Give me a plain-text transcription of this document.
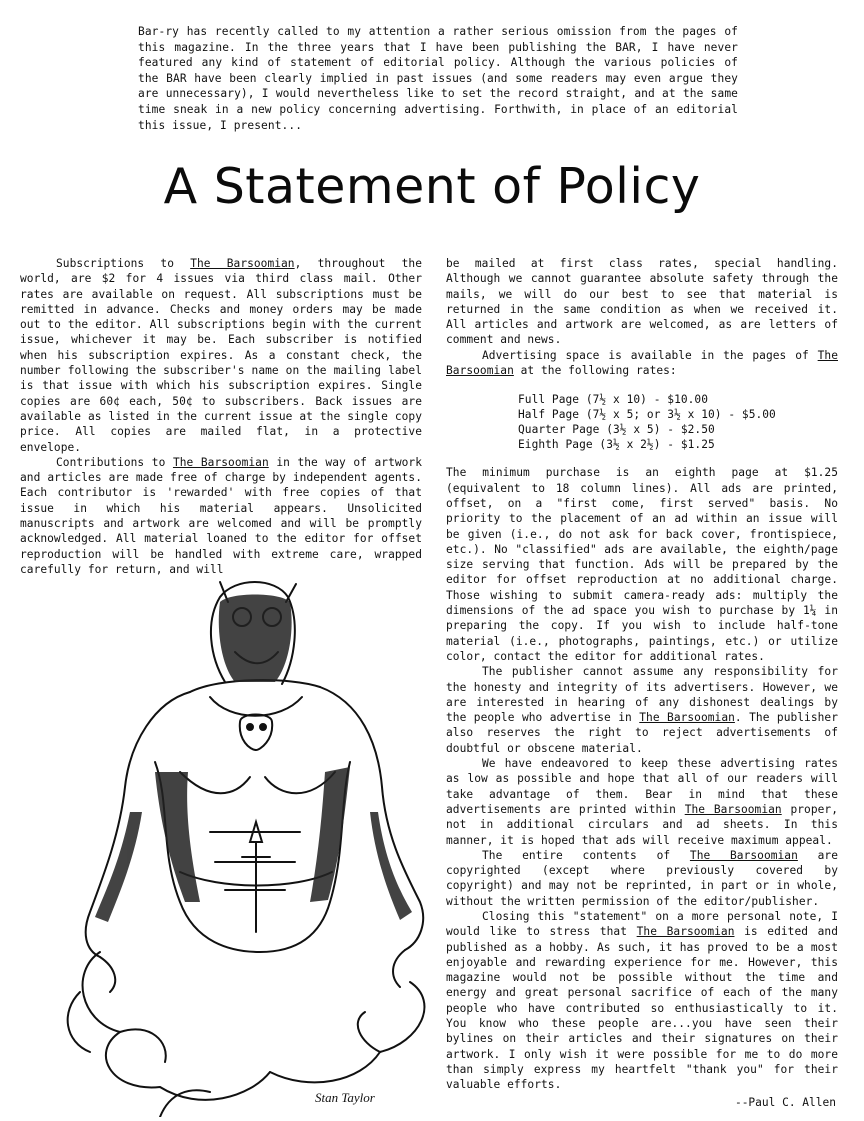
Bar-ry has recently called to my attention a rather serious omission from the pages of this magazine. In the three years that I have been publishing the BAR, I have never featured any kind of statement of editorial policy. Although the various policies of the BAR have been clearly implied in past issues (and some readers may even argue they are unnecessary), I would nevertheless like to set the record straight, and at the same time sneak in a new policy concerning advertising. Forthwith, in place of an editorial this issue, I present...

A Statement of Policy

Subscriptions to The Barsoomian, throughout the world, are $2 for 4 issues via third class mail. Other rates are available on request. All subscriptions must be remitted in advance. Checks and money orders may be made out to the editor. All subscriptions begin with the current issue, whichever it may be. Each subscriber is notified when his subscription expires. As a constant check, the number following the subscriber's name on the mailing label is that issue with which his subscription expires. Single copies are 60¢ each, 50¢ to subscribers. Back issues are available as listed in the current issue at the single copy price. All copies are mailed flat, in a protective envelope.

Contributions to The Barsoomian in the way of artwork and articles are made free of charge by independent agents. Each contributor is 'rewarded' with free copies of that issue in which his material appears. Unsolicited manuscripts and artwork are welcomed and will be promptly acknowledged. All material loaned to the editor for offset reproduction will be handled with extreme care, wrapped carefully for return, and will

Stan Taylor

be mailed at first class rates, special handling. Although we cannot guarantee absolute safety through the mails, we will do our best to see that material is returned in the same condition as when we received it. All articles and artwork are welcomed, as are letters of comment and news.

Advertising space is available in the pages of The Barsoomian at the following rates:

Full Page (7½ x 10) - $10.00
Half Page (7½ x 5; or 3½ x 10) - $5.00
Quarter Page (3½ x 5) - $2.50
Eighth Page (3½ x 2½) - $1.25

The minimum purchase is an eighth page at $1.25 (equivalent to 18 column lines). All ads are printed, offset, on a "first come, first served" basis. No priority to the placement of an ad within an issue will be given (i.e., do not ask for back cover, frontispiece, etc.). No "classified" ads are available, the eighth/page size serving that function. Ads will be prepared by the editor for offset reproduction at no additional charge. Those wishing to submit camera-ready ads: multiply the dimensions of the ad space you wish to purchase by 1¼ in preparing the copy. If you wish to include half-tone material (i.e., photographs, paintings, etc.) or utilize color, contact the editor for additional rates.

The publisher cannot assume any responsibility for the honesty and integrity of its advertisers. However, we are interested in hearing of any dishonest dealings by the people who advertise in The Barsoomian. The publisher also reserves the right to reject advertisements of doubtful or obscene material.

We have endeavored to keep these advertising rates as low as possible and hope that all of our readers will take advantage of them. Bear in mind that these advertisements are printed within The Barsoomian proper, not in additional circulars and ad sheets. In this manner, it is hoped that ads will receive maximum appeal.

The entire contents of The Barsoomian are copyrighted (except where previously covered by copyright) and may not be reprinted, in part or in whole, without the written permission of the editor/publisher.

Closing this "statement" on a more personal note, I would like to stress that The Barsoomian is edited and published as a hobby. As such, it has proved to be a most enjoyable and rewarding experience for me. However, this magazine would not be possible without the time and energy and great personal sacrifice of each of the many people who have contributed so enthusiastically to it. You know who these people are...you have seen their bylines on their articles and their signatures on their artwork. I only wish it were possible for me to do more than simply express my heartfelt "thank you" for their valuable efforts.

--Paul C. Allen
